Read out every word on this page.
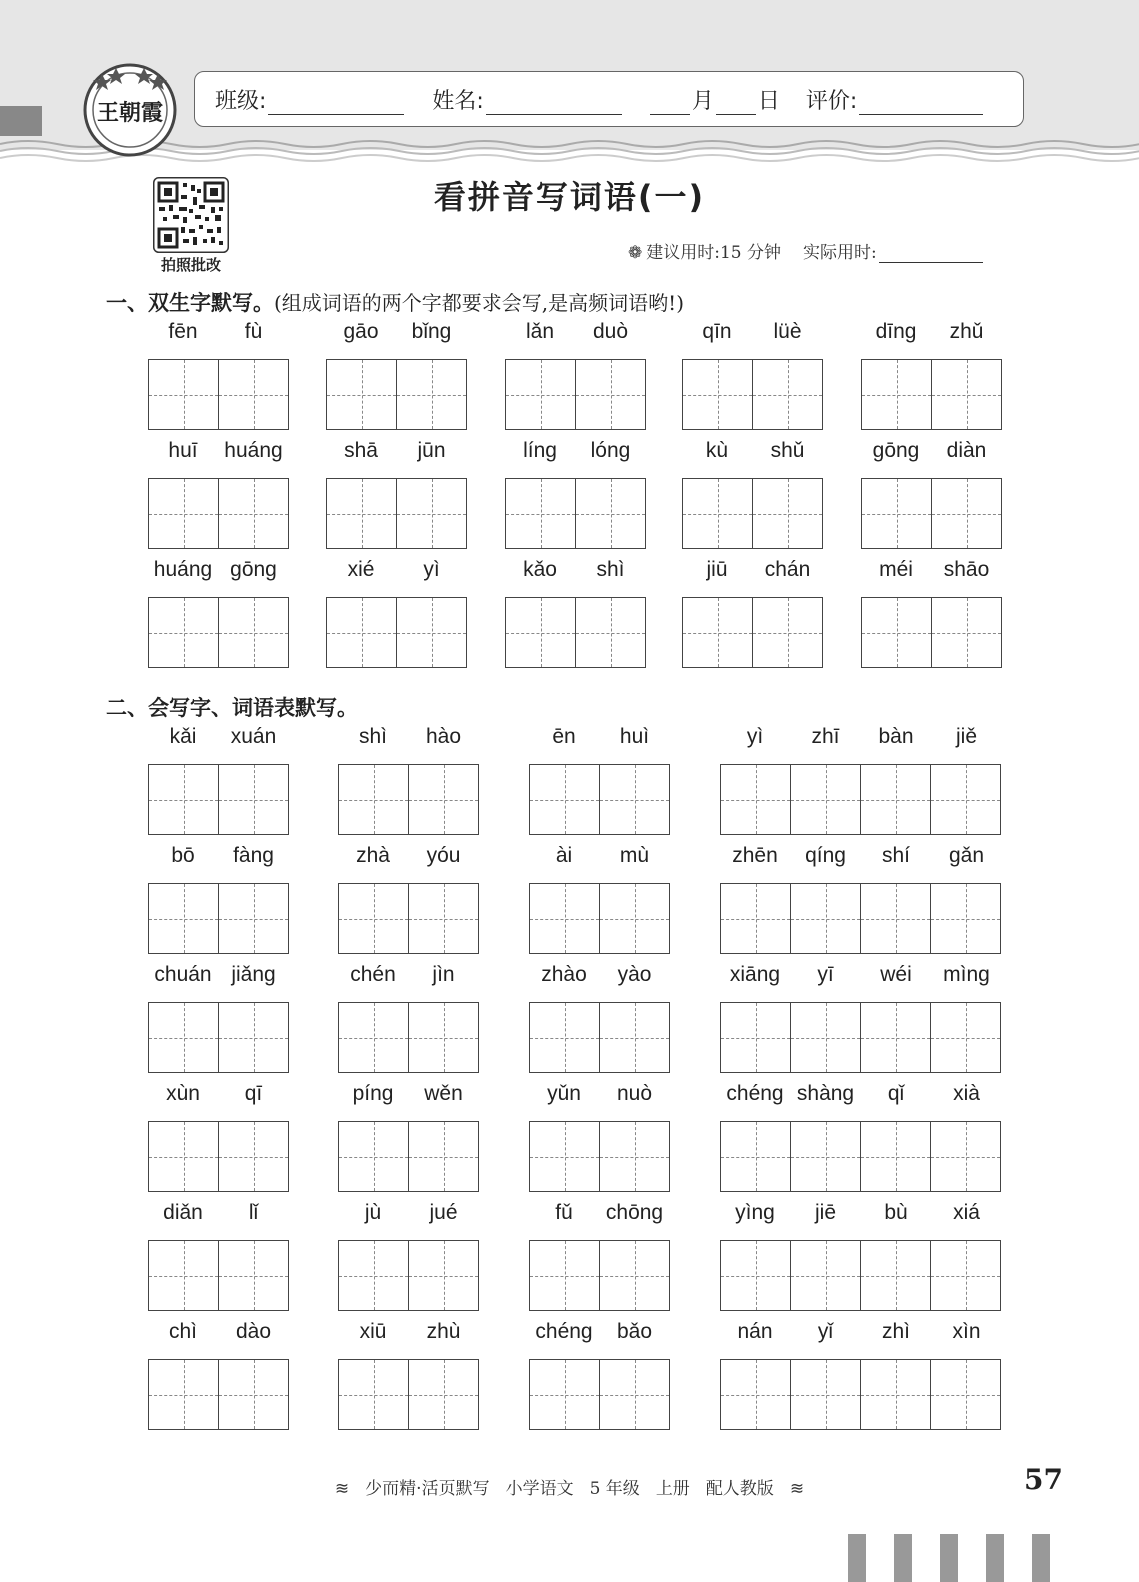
王朝霞 班级:	姓名:	月 日 评价:
拍照批改
看拼音写词语(一)
❁ 建议用时:15 分钟 实际用时:
一、双生字默写。(组成词语的两个字都要求会写,是高频词语哟!)
二、会写字、词语表默写。
fēn	fù	gāo	bǐng	lǎn	duò	qīn	lüè	dīng	zhǔ
huī	huáng	shā	jūn	líng	lóng	kù	shǔ	gōng	diàn
huáng gōng	xié	yì	kǎo	shì	jiū	chán	méi	shāo
kǎi	xuán	shì	hào	ēn	huì	yì	zhī	bàn	jiě
bō	fàng	zhà	yóu	ài	mù	zhēn	qíng	shí	gǎn
chuán jiǎng	chén	jìn	zhào	yào	xiāng	yī	wéi	mìng
xùn	qī	píng	wěn	yǔn	nuò	chéng shàng	qǐ	xià
diǎn	lǐ	jù	jué	fǔ	chōng	yìng	jiē	bù	xiá
chì	dào	xiū	zhù	chéng	bǎo	nán	yǐ	zhì	xìn
≋ 少而精·活页默写 小学语文 5 年级 上册 配人教版 ≋	57
